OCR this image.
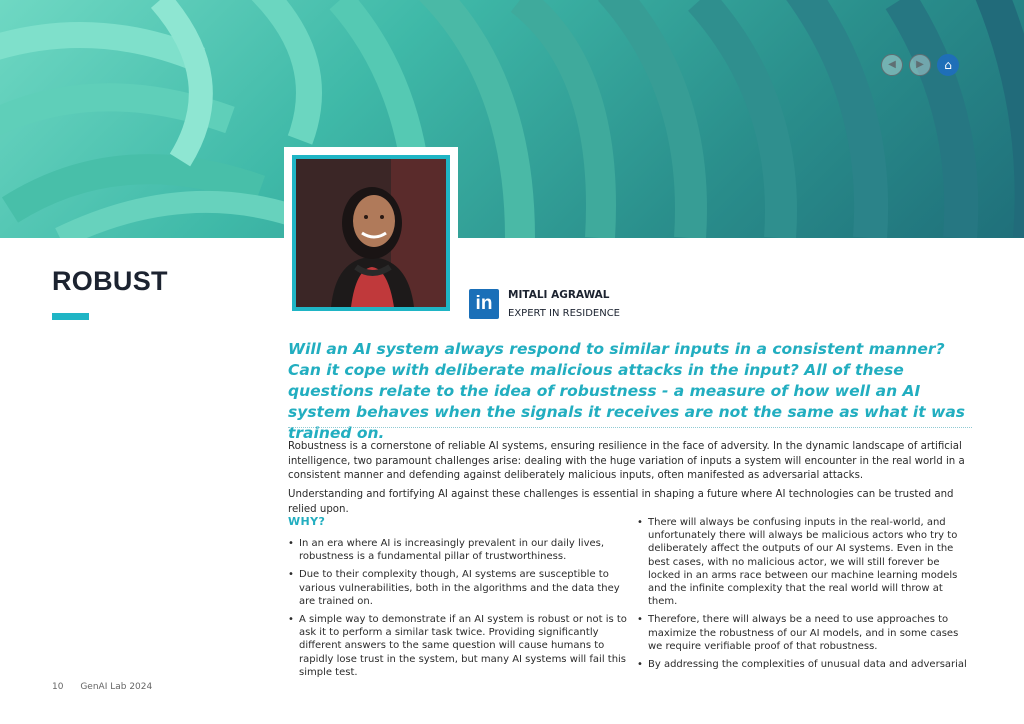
◀ ▶ ⌂
ROBUST
in	MITALI AGRAWAL
EXPERT IN RESIDENCE

Will an AI system always respond to similar inputs in a consistent manner? Can it cope with deliberate malicious attacks in the input? All of these questions relate to the idea of robustness - a measure of how well an AI system behaves when the signals it receives are not the same as what it was trained on.

Robustness is a cornerstone of reliable AI systems, ensuring resilience in the face of adversity. In the dynamic landscape of artificial intelligence, two paramount challenges arise: dealing with the huge variation of inputs a system will encounter in the real world in a consistent manner and defending against deliberately malicious inputs, often manifested as adversarial attacks.

Understanding and fortifying AI against these challenges is essential in shaping a future where AI technologies can be trusted and relied upon.

WHY?
• In an era where AI is increasingly prevalent in our daily lives, robustness is a fundamental pillar of trustworthiness.
• Due to their complexity though, AI systems are susceptible to various vulnerabilities, both in the algorithms and the data they are trained on.
• A simple way to demonstrate if an AI system is robust or not is to ask it to perform a similar task twice. Providing significantly different answers to the same question will cause humans to rapidly lose trust in the system, but many AI systems will fail this simple test.
• There will always be confusing inputs in the real-world, and unfortunately there will always be malicious actors who try to deliberately affect the outputs of our AI systems. Even in the best cases, with no malicious actor, we will still forever be locked in an arms race between our machine learning models and the infinite complexity that the real world will throw at them.
• Therefore, there will always be a need to use approaches to maximize the robustness of our AI models, and in some cases we require verifiable proof of that robustness.
• By addressing the complexities of unusual data and adversarial
10 GenAI Lab 2024
